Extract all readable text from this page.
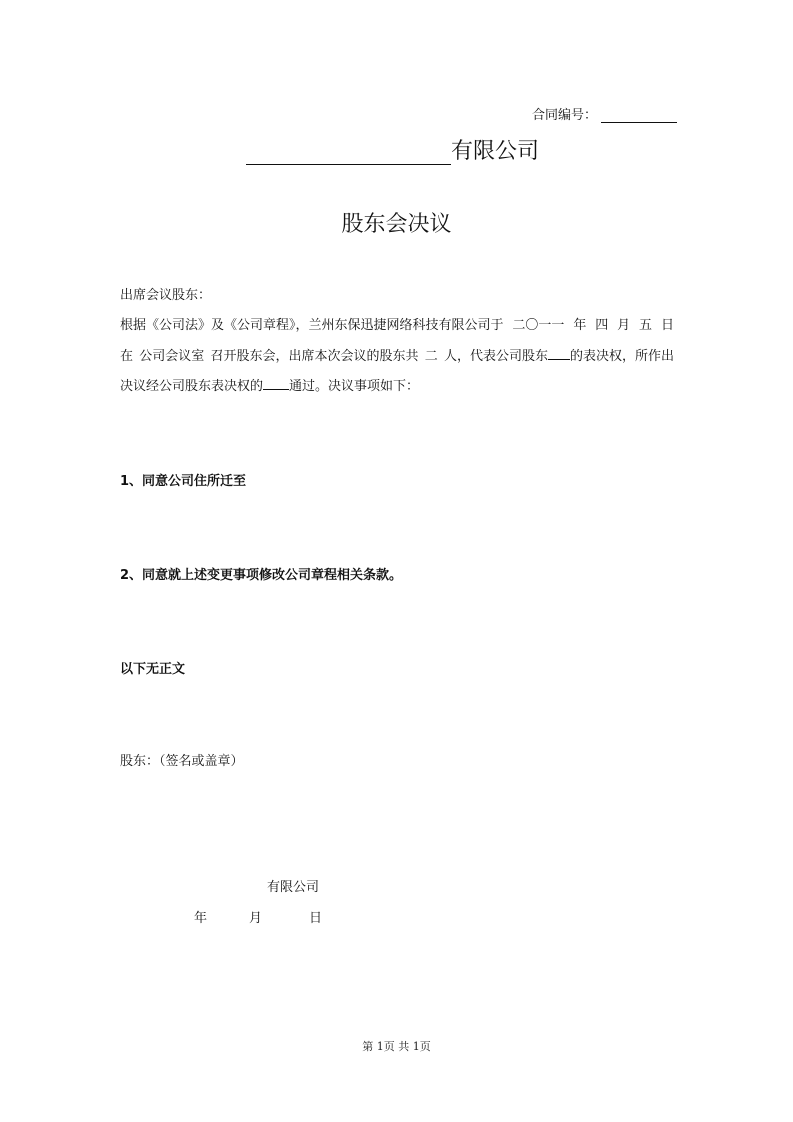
合同编号：
有限公司
股东会决议
出席会议股东：
根据《公司法》及《公司章程》，兰州东保迅捷网络科技有限公司于 二〇一一 年 四 月 五 日
在 公司会议室 召开股东会，出席本次会议的股东共 二 人，代表公司股东 的表决权，所作出
决议经公司股东表决权的 通过。决议事项如下：
1、同意公司住所迁至
2、同意就上述变更事项修改公司章程相关条款。
以下无正文
股东：（签名或盖章）
有限公司
年	月	日
第 1页 共 1页
